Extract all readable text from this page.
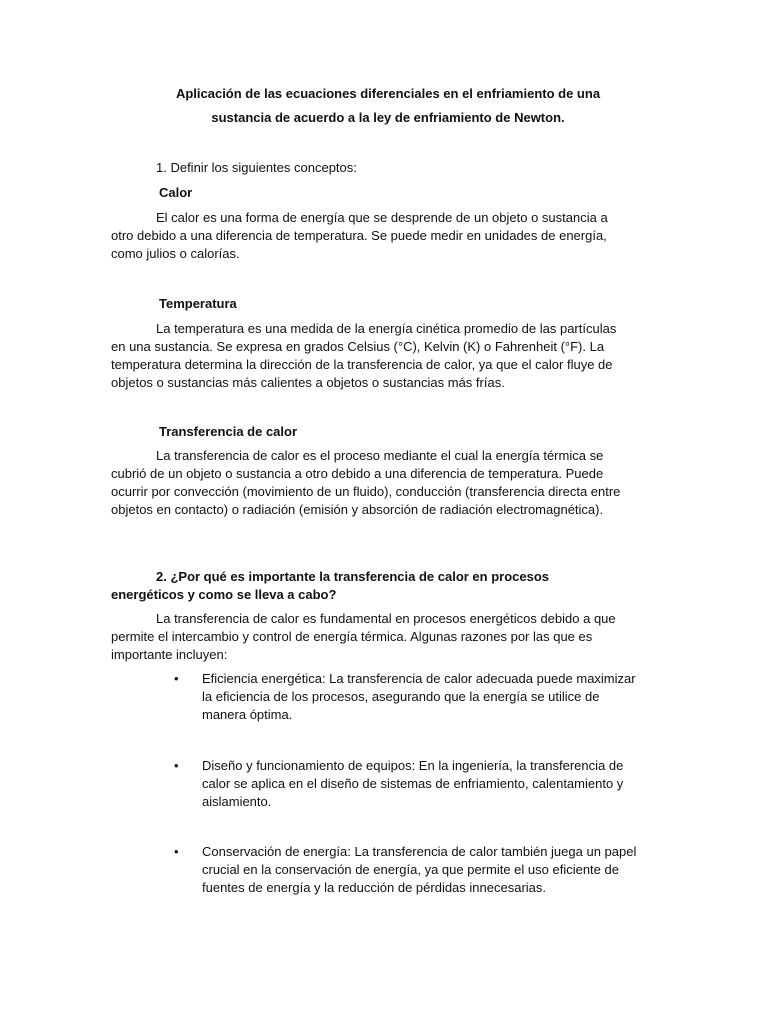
Aplicación de las ecuaciones diferenciales en el enfriamiento de una

sustancia de acuerdo a la ley de enfriamiento de Newton.

1. Definir los siguientes conceptos:

Calor

El calor es una forma de energía que se desprende de un objeto o sustancia a otro debido a una diferencia de temperatura. Se puede medir en unidades de energía, como julios o calorías.

Temperatura

La temperatura es una medida de la energía cinética promedio de las partículas en una sustancia. Se expresa en grados Celsius (°C), Kelvin (K) o Fahrenheit (°F). La temperatura determina la dirección de la transferencia de calor, ya que el calor fluye de objetos o sustancias más calientes a objetos o sustancias más frías.

Transferencia de calor

La transferencia de calor es el proceso mediante el cual la energía térmica se cubrió de un objeto o sustancia a otro debido a una diferencia de temperatura. Puede ocurrir por convección (movimiento de un fluido), conducción (transferencia directa entre objetos en contacto) o radiación (emisión y absorción de radiación electromagnética).

2. ¿Por qué es importante la transferencia de calor en procesos energéticos y como se lleva a cabo?

La transferencia de calor es fundamental en procesos energéticos debido a que permite el intercambio y control de energía térmica. Algunas razones por las que es importante incluyen:

•	Eficiencia energética: La transferencia de calor adecuada puede maximizar la eficiencia de los procesos, asegurando que la energía se utilice de manera óptima.

•	Diseño y funcionamiento de equipos: En la ingeniería, la transferencia de calor se aplica en el diseño de sistemas de enfriamiento, calentamiento y aislamiento.

•	Conservación de energía: La transferencia de calor también juega un papel crucial en la conservación de energía, ya que permite el uso eficiente de fuentes de energía y la reducción de pérdidas innecesarias.
